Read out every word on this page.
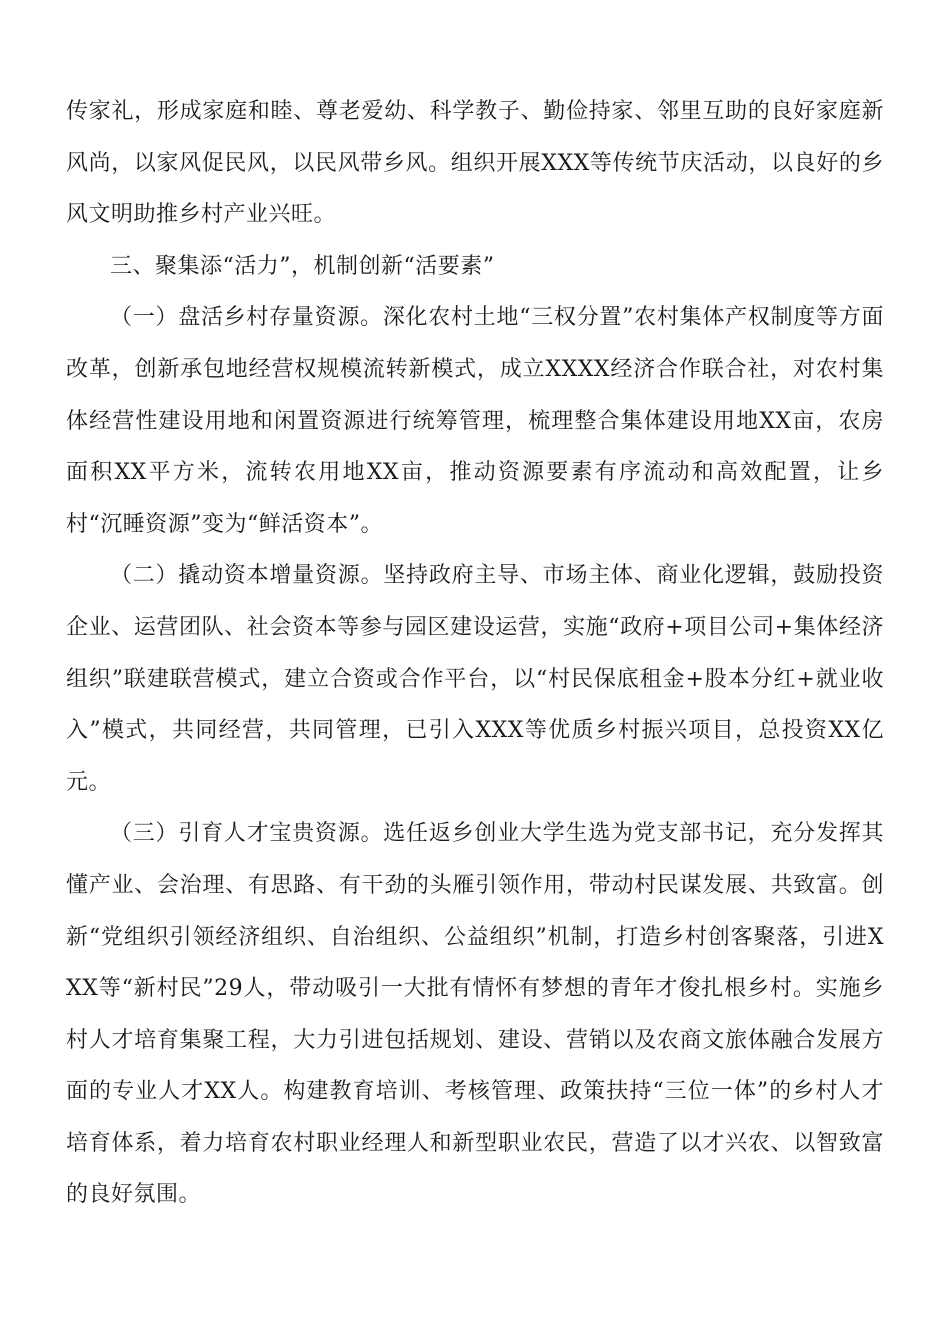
传家礼，形成家庭和睦、尊老爱幼、科学教子、勤俭持家、邻里互助的良好家庭新风尚，以家风促民风，以民风带乡风。组织开展XXX等传统节庆活动，以良好的乡风文明助推乡村产业兴旺。

三、聚集添“活力”，机制创新“活要素”

（一）盘活乡村存量资源。深化农村土地“三权分置”农村集体产权制度等方面改革，创新承包地经营权规模流转新模式，成立XXXX经济合作联合社，对农村集体经营性建设用地和闲置资源进行统筹管理，梳理整合集体建设用地XX亩，农房面积XX平方米，流转农用地XX亩，推动资源要素有序流动和高效配置，让乡村“沉睡资源”变为“鲜活资本”。

（二）撬动资本增量资源。坚持政府主导、市场主体、商业化逻辑，鼓励投资企业、运营团队、社会资本等参与园区建设运营，实施“政府+项目公司+集体经济组织”联建联营模式，建立合资或合作平台，以“村民保底租金+股本分红+就业收入”模式，共同经营，共同管理，已引入XXX等优质乡村振兴项目，总投资XX亿元。

（三）引育人才宝贵资源。选任返乡创业大学生选为党支部书记，充分发挥其懂产业、会治理、有思路、有干劲的头雁引领作用，带动村民谋发展、共致富。创新“党组织引领经济组织、自治组织、公益组织”机制，打造乡村创客聚落，引进XXX等“新村民”29人，带动吸引一大批有情怀有梦想的青年才俊扎根乡村。实施乡村人才培育集聚工程，大力引进包括规划、建设、营销以及农商文旅体融合发展方面的专业人才XX人。构建教育培训、考核管理、政策扶持“三位一体”的乡村人才培育体系，着力培育农村职业经理人和新型职业农民，营造了以才兴农、以智致富的良好氛围。
